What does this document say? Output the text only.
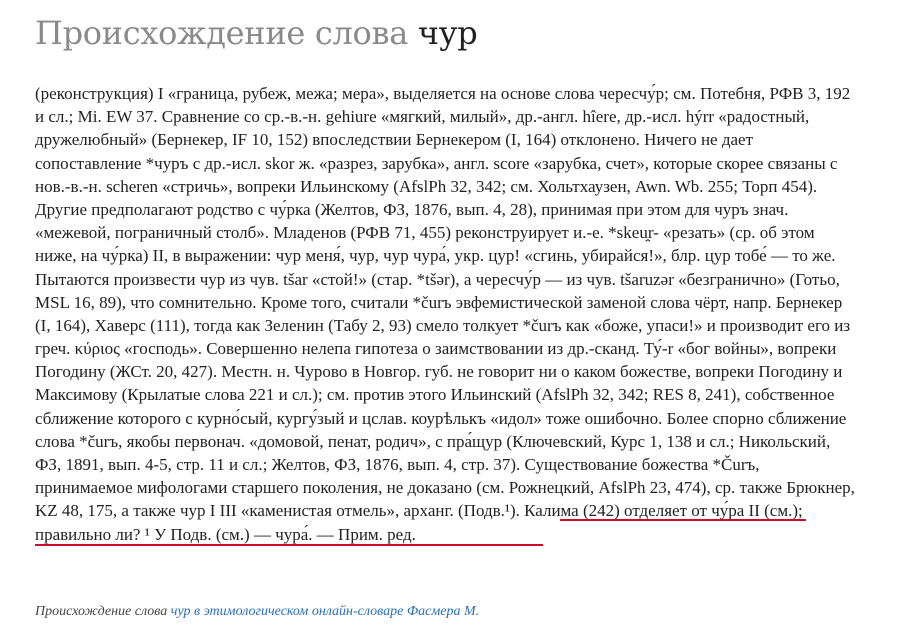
Происхождение слова чур
(реконструкция) I «граница, рубеж, межа; мера», выделяется на основе слова чересчу́р; см. Потебня, РФВ 3, 192
и сл.; Mi. EW 37. Сравнение со ср.-в.-н. gehiure «мягкий, милый», др.-англ. hîere, др.-исл. hýrr «радостный,
дружелюбный» (Бернекер, IF 10, 152) впоследствии Бернекером (I, 164) отклонено. Ничего не дает
сопоставление *чуръ с др.-исл. skor ж. «разрез, зарубка», англ. score «зарубка, счет», которые скорее связаны с
нов.-в.-н. scheren «стричь», вопреки Ильинскому (AfslPh 32, 342; см. Хольтхаузен, Awn. Wb. 255; Торп 454).
Другие предполагают родство с чу́рка (Желтов, ФЗ, 1876, вып. 4, 28), принимая при этом для чуръ знач.
«межевой, пограничный столб». Младенов (РФВ 71, 455) реконструирует и.-е. *skeu̯r- «резать» (ср. об этом
ниже, на чу́рка) II, в выражении: чур меня́, чур, чур чура́, укр. цур! «сгинь, убирайся!», блр. цур тобе́ — то же.
Пытаются произвести чур из чув. tšar «стой!» (стар. *tšər), а чересчу́р — из чув. tšaruzər «безгранично» (Готьо,
MSL 16, 89), что сомнительно. Кроме того, считали *čurъ эвфемистической заменой слова чёрт, напр. Бернекер
(I, 164), Хаверс (111), тогда как Зеленин (Табу 2, 93) смело толкует *čurъ как «боже, упаси!» и производит его из
греч. κύριος «господь». Совершенно нелепа гипотеза о заимствовании из др.-сканд. Ту́-r «бог войны», вопреки
Погодину (ЖСт. 20, 427). Местн. н. Чурово в Новгор. губ. не говорит ни о каком божестве, вопреки Погодину и
Максимову (Крылатые слова 221 и сл.); см. против этого Ильинский (AfslPh 32, 342; RES 8, 241), собственное
сближение которого с курно́сый, кургу́зый и цслав. коурѣлькъ «идол» тоже ошибочно. Более спорно сближение
слова *čurъ, якобы первонач. «домовой, пенат, родич», с пра́щур (Ключевский, Курс 1, 138 и сл.; Никольский,
ФЗ, 1891, вып. 4-5, стр. 11 и сл.; Желтов, ФЗ, 1876, вып. 4, стр. 37). Существование божества *Čurъ,
принимаемое мифологами старшего поколения, не доказано (см. Рожнецкий, AfslPh 23, 474), ср. также Брюкнер,
KZ 48, 175, а также чур I III «каменистая отмель», арханг. (Подв.¹). Калима (242) отделяет от чу́ра II (см.);
правильно ли? ¹ У Подв. (см.) — чура́. — Прим. ред.
Происхождение слова чур в этимологическом онлайн-словаре Фасмера М.
